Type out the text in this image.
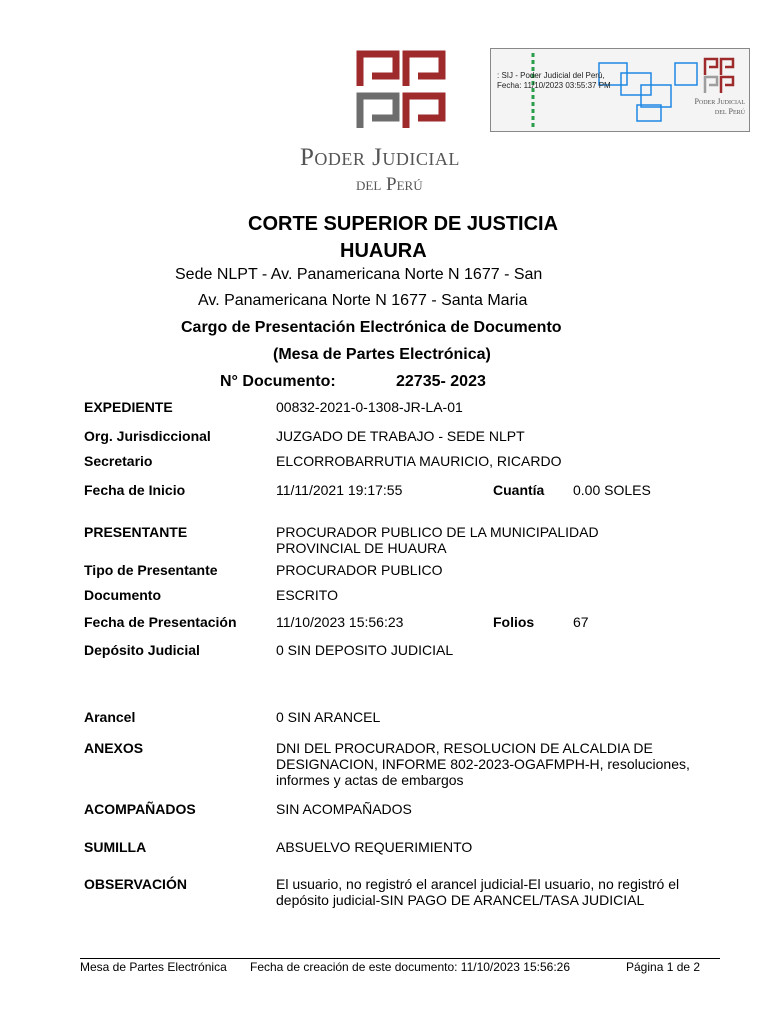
Poder Judicial
del Perú
: SIJ - Poder Judicial del Perú,
Fecha: 11/10/2023 03:55:37 PM
Poder Judicial
del Perú
CORTE SUPERIOR DE JUSTICIA
HUAURA
Sede NLPT - Av. Panamericana Norte N 1677 - San
Av. Panamericana Norte N 1677 - Santa Maria
Cargo de Presentación Electrónica de Documento
(Mesa de Partes Electrónica)
N° Documento:	22735- 2023
EXPEDIENTE	00832-2021-0-1308-JR-LA-01
Org. Jurisdiccional	JUZGADO DE TRABAJO - SEDE NLPT
Secretario	ELCORROBARRUTIA MAURICIO, RICARDO
Fecha de Inicio	11/11/2021 19:17:55	Cuantía 0.00 SOLES
PRESENTANTE	PROCURADOR PUBLICO DE LA MUNICIPALIDAD PROVINCIAL DE HUAURA
Tipo de Presentante	PROCURADOR PUBLICO
Documento	ESCRITO
Fecha de Presentación	11/10/2023 15:56:23	Folios	67
Depósito Judicial	0 SIN DEPOSITO JUDICIAL
Arancel	0 SIN ARANCEL
ANEXOS	DNI DEL PROCURADOR, RESOLUCION DE ALCALDIA DE DESIGNACION, INFORME 802-2023-OGAFMPH-H, resoluciones, informes y actas de embargos
ACOMPAÑADOS	SIN ACOMPAÑADOS
SUMILLA	ABSUELVO REQUERIMIENTO
OBSERVACIÓN	El usuario, no registró el arancel judicial-El usuario, no registró el depósito judicial-SIN PAGO DE ARANCEL/TASA JUDICIAL
Mesa de Partes Electrónica Fecha de creación de este documento: 11/10/2023 15:56:26	Página 1 de 2
